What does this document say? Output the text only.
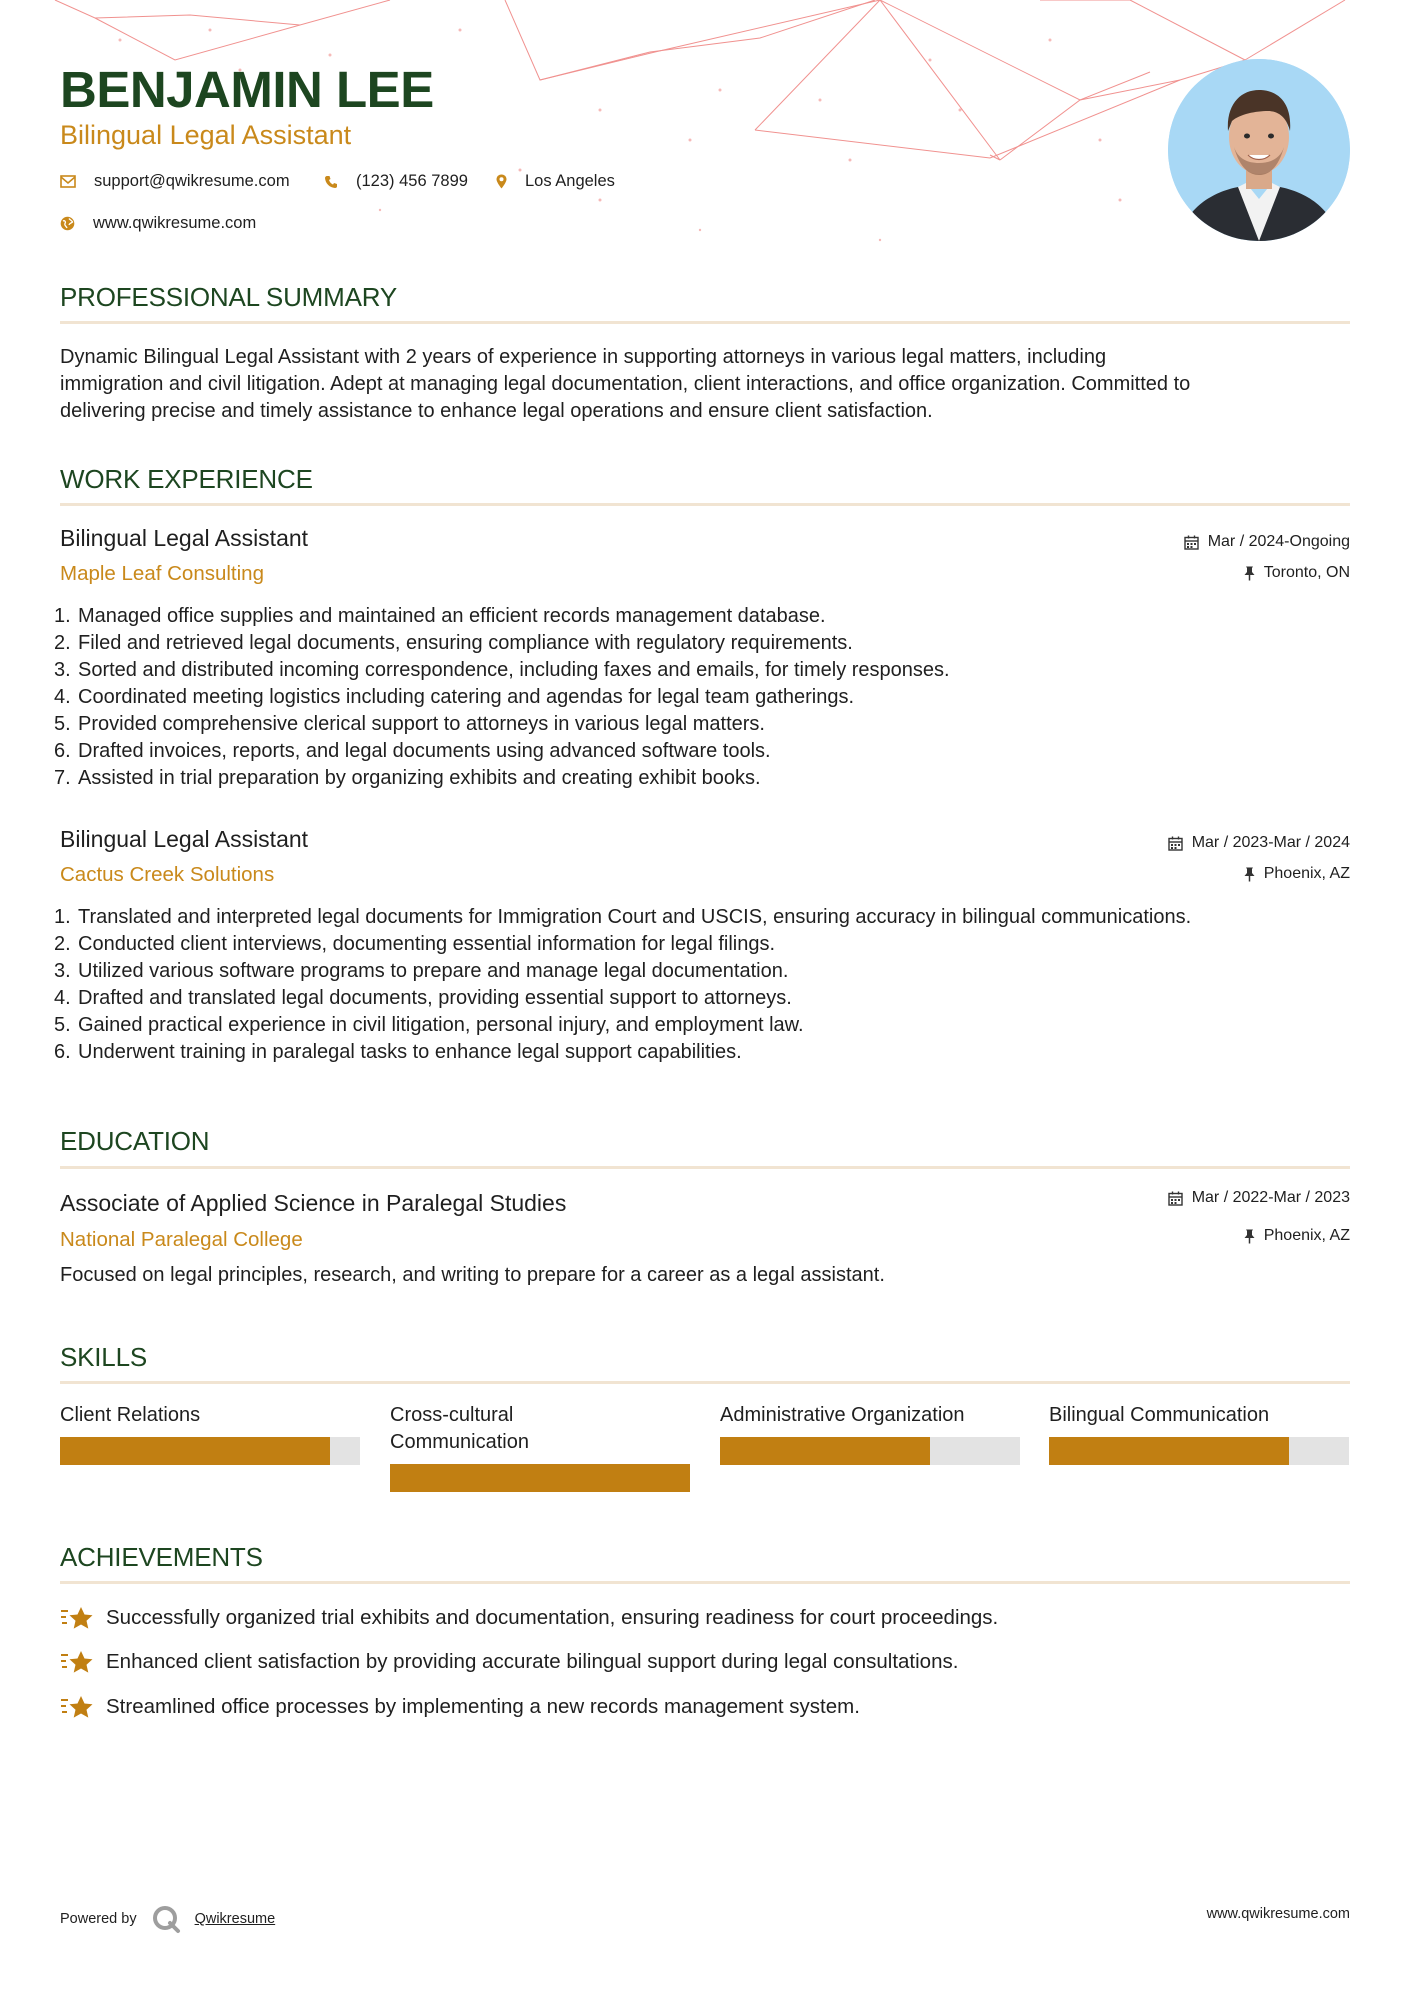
BENJAMIN LEE
Bilingual Legal Assistant
support@qwikresume.com	(123) 456 7899	Los Angeles
www.qwikresume.com
PROFESSIONAL SUMMARY
Dynamic Bilingual Legal Assistant with 2 years of experience in supporting attorneys in various legal matters, including
immigration and civil litigation. Adept at managing legal documentation, client interactions, and office organization. Committed to
delivering precise and timely assistance to enhance legal operations and ensure client satisfaction.
WORK EXPERIENCE
Bilingual Legal Assistant
Maple Leaf Consulting
Mar / 2024-Ongoing
Toronto, ON
Managed office supplies and maintained an efficient records management database.
Filed and retrieved legal documents, ensuring compliance with regulatory requirements.
Sorted and distributed incoming correspondence, including faxes and emails, for timely responses.
Coordinated meeting logistics including catering and agendas for legal team gatherings.
Provided comprehensive clerical support to attorneys in various legal matters.
Drafted invoices, reports, and legal documents using advanced software tools.
Assisted in trial preparation by organizing exhibits and creating exhibit books.
Bilingual Legal Assistant
Cactus Creek Solutions
Mar / 2023-Mar / 2024
Phoenix, AZ
Translated and interpreted legal documents for Immigration Court and USCIS, ensuring accuracy in bilingual communications.
Conducted client interviews, documenting essential information for legal filings.
Utilized various software programs to prepare and manage legal documentation.
Drafted and translated legal documents, providing essential support to attorneys.
Gained practical experience in civil litigation, personal injury, and employment law.
Underwent training in paralegal tasks to enhance legal support capabilities.
EDUCATION
Associate of Applied Science in Paralegal Studies
National Paralegal College
Mar / 2022-Mar / 2023
Phoenix, AZ
Focused on legal principles, research, and writing to prepare for a career as a legal assistant.
SKILLS
Client Relations	Cross-cultural Communication
Administrative Organization	Bilingual Communication
ACHIEVEMENTS
Successfully organized trial exhibits and documentation, ensuring readiness for court proceedings.
Enhanced client satisfaction by providing accurate bilingual support during legal consultations.
Streamlined office processes by implementing a new records management system.
Powered by	Qwikresume	www.qwikresume.com
